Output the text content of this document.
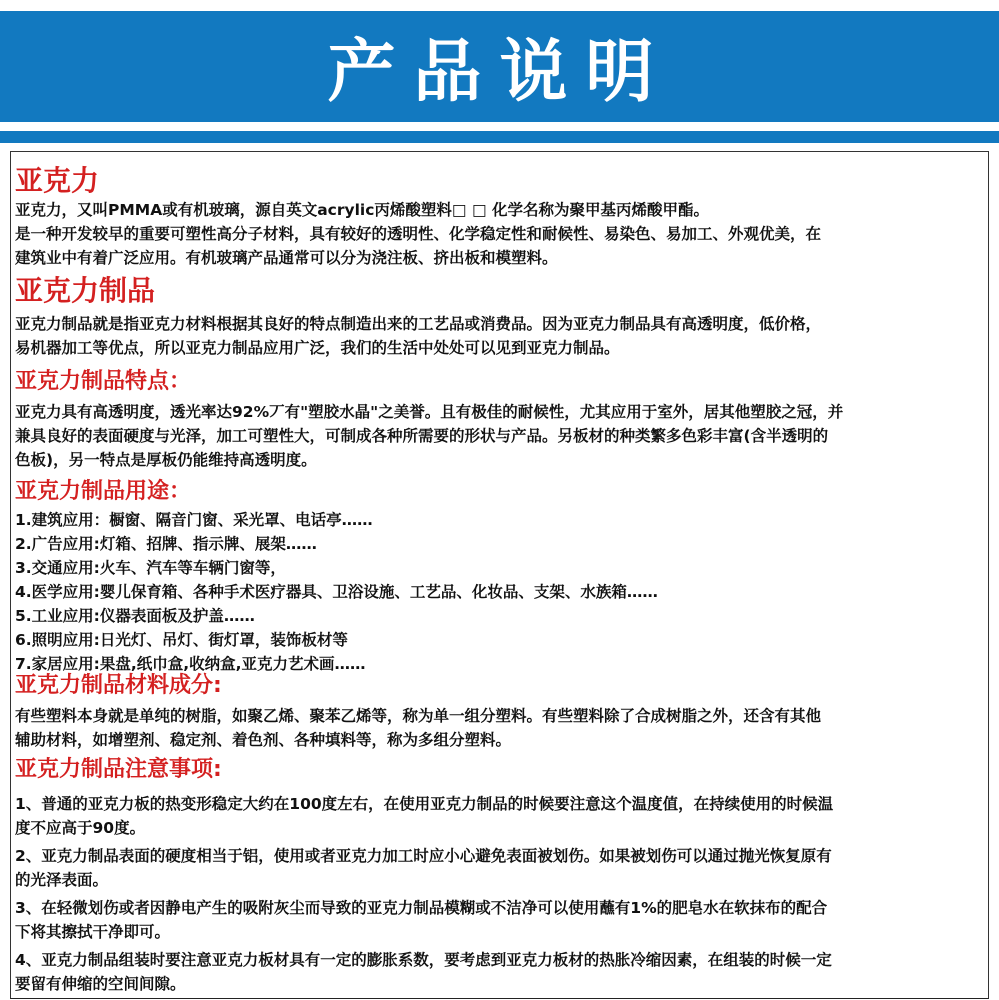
产品说明
亚克力
亚克力，又叫PMMA或有机玻璃，源自英文acrylic丙烯酸塑料□ □ 化学名称为聚甲基丙烯酸甲酯。
是一种开发较早的重要可塑性高分子材料，具有较好的透明性、化学稳定性和耐候性、易染色、易加工、外观优美，在
建筑业中有着广泛应用。有机玻璃产品通常可以分为浇注板、挤出板和模塑料。
亚克力制品
亚克力制品就是指亚克力材料根据其良好的特点制造出来的工艺品或消费品。因为亚克力制品具有高透明度，低价格，
易机器加工等优点，所以亚克力制品应用广泛，我们的生活中处处可以见到亚克力制品。
亚克力制品特点：
亚克力具有高透明度，透光率达92%丆有"塑胶水晶"之美誉。且有极佳的耐候性，尤其应用于室外，居其他塑胶之冠，并
兼具良好的表面硬度与光泽，加工可塑性大，可制成各种所需要的形状与产品。另板材的种类繁多色彩丰富(含半透明的
色板)，另一特点是厚板仍能维持高透明度。
亚克力制品用途：
1.建筑应用：橱窗、隔音门窗、采光罩、电话亭……
2.广告应用:灯箱、招牌、指示牌、展架……
3.交通应用:火车、汽车等车辆门窗等，
4.医学应用:婴儿保育箱、各种手术医疗器具、卫浴设施、工艺品、化妆品、支架、水族箱……
5.工业应用:仪器表面板及护盖……
6.照明应用:日光灯、吊灯、街灯罩，装饰板材等
7.家居应用:果盘,纸巾盒,收纳盒,亚克力艺术画……
亚克力制品材料成分:
有些塑料本身就是单纯的树脂，如聚乙烯、聚苯乙烯等，称为单一组分塑料。有些塑料除了合成树脂之外，还含有其他
辅助材料，如增塑剂、稳定剂、着色剂、各种填料等，称为多组分塑料。
亚克力制品注意事项:
1、普通的亚克力板的热变形稳定大约在100度左右，在使用亚克力制品的时候要注意这个温度值，在持续使用的时候温
度不应高于90度。
2、亚克力制品表面的硬度相当于铝，使用或者亚克力加工时应小心避免表面被划伤。如果被划伤可以通过抛光恢复原有
的光泽表面。
3、在轻微划伤或者因静电产生的吸附灰尘而导致的亚克力制品模糊或不洁净可以使用蘸有1%的肥皂水在软抹布的配合
下将其擦拭干净即可。
4、亚克力制品组装时要注意亚克力板材具有一定的膨胀系数，要考虑到亚克力板材的热胀冷缩因素，在组装的时候一定
要留有伸缩的空间间隙。
